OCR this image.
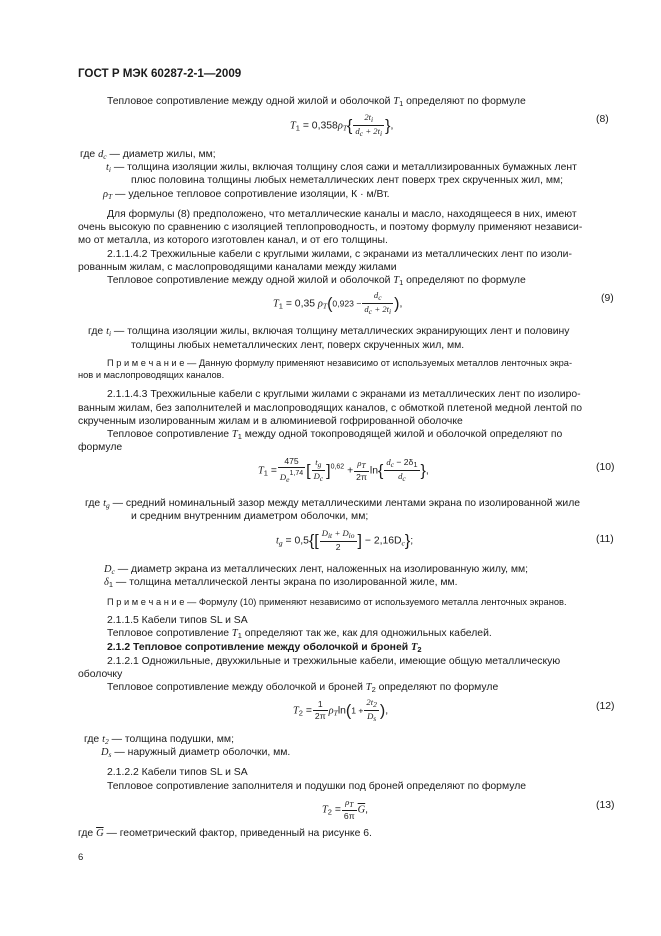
ГОСТ Р МЭК 60287-2-1—2009
Тепловое сопротивление между одной жилой и оболочкой T1 определяют по формуле
$T1 = 0,358\rho T\{ \frac{2ti}{dc + 2ti}$ },
(8)
где dc — диаметр жилы, мм;
ti — толщина изоляции жилы, включая толщину слоя сажи и металлизированных бумажных лент
плюс половина толщины любых неметаллических лент поверх трех скрученных жил, мм;
ρT — удельное тепловое сопротивление изоляции, К · м/Вт.
Для формулы (8) предположено, что металлические каналы и масло, находящееся в них, имеют
очень высокую по сравнению с изоляцией теплопроводность, и поэтому формулу применяют независи-
мо от металла, из которого изготовлен канал, и от его толщины.
2.1.1.4.2 Трехжильные кабели с круглыми жилами, с экранами из металлических лент по изоли-
рованным жилам, с маслопроводящими каналами между жилами
Тепловое сопротивление между одной жилой и оболочкой T1 определяют по формуле
T1 = 0,35 $\rho T(0,923 - \frac{dc}{dc + 2ti}$ ),	(9)
где ti — толщина изоляции жилы, включая толщину металлических экранирующих лент и половину
толщины любых неметаллических лент, поверх скрученных жил, мм.
П р и м е ч а н и е — Данную формулу применяют независимо от используемых металлов ленточных экра-
нов и маслопроводящих каналов.
2.1.1.4.3 Трехжильные кабели с круглыми жилами с экранами из металлических лент по изолиро-
ванным жилам, без заполнителей и маслопроводящих каналов, с обмоткой плетеной медной лентой по
скрученным изолированным жилам и в алюминиевой гофрированной оболочке
Тепловое сопротивление T1 между одной токопроводящей жилой и оболочкой определяют по
формуле
$T1 = \frac{475}{De^{1,74}}$ [ $\frac{tg}{Dc} ]^{0,62} + \frac{\rho T}{2\pi} \ln\{ \frac{dc - 2\delta 1}{dc}$ },	(10)
где tg — средний номинальный зазор между металлическими лентами экрана по изолированной жиле
и средним внутренним диаметром оболочки, мм;
tg = $0,5\{[ \frac{\text{Dit + Dio}}{2}$ ] − 2,16Dc};	(11)
Dc — диаметр экрана из металлических лент, наложенных на изолированную жилу, мм;
δ1 — толщина металлической ленты экрана по изолированной жиле, мм.
П р и м е ч а н и е — Формулу (10) применяют независимо от используемого металла ленточных экранов.
2.1.1.5 Кабели типов SL и SA
Тепловое сопротивление T1 определяют так же, как для одножильных кабелей.
2.1.2 Тепловое сопротивление между оболочкой и броней T2
2.1.2.1 Одножильные, двухжильные и трехжильные кабели, имеющие общую металлическую
оболочку
Тепловое сопротивление между оболочкой и броней T2 определяют по формуле
$T2 = \frac{1}{2\pi} \rho Tln(1 + \frac{2t2}{Ds}$ ),	(12)
где t2 — толщина подушки, мм;
Ds — наружный диаметр оболочки, мм.
2.1.2.2 Кабели типов SL и SA
Тепловое сопротивление заполнителя и подушки под броней определяют по формуле
$T2 = \frac{\rho T}{6\pi} \overline{G}$,	(13)
где $\overline{G}$ — геометрический фактор, приведенный на рисунке 6.
6
